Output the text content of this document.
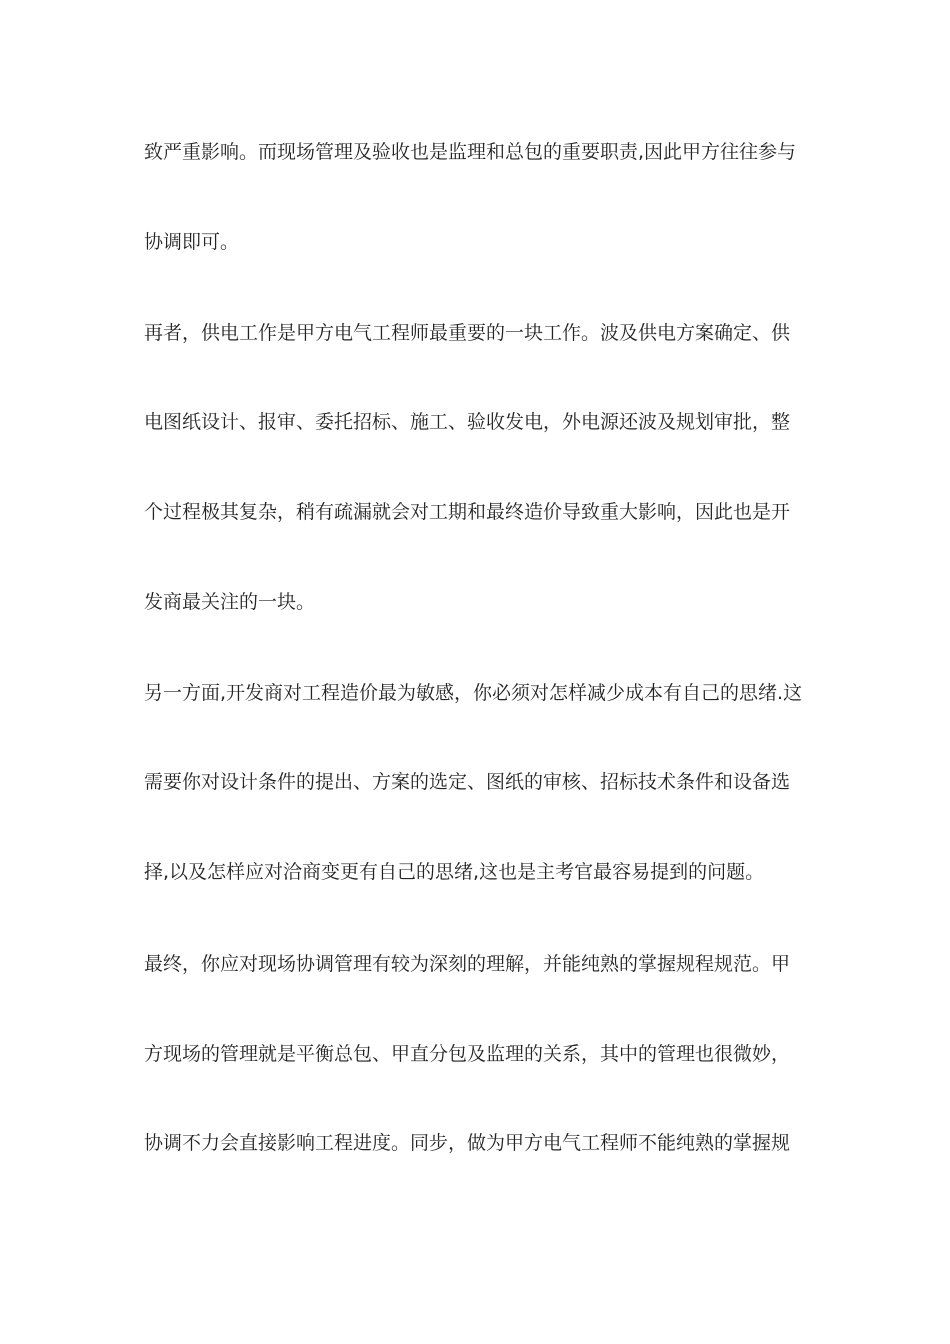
致严重影响。而现场管理及验收也是监理和总包的重要职责,因此甲方往往参与
协调即可。
再者，供电工作是甲方电气工程师最重要的一块工作。波及供电方案确定、供
电图纸设计、报审、委托招标、施工、验收发电，外电源还波及规划审批，整
个过程极其复杂，稍有疏漏就会对工期和最终造价导致重大影响，因此也是开
发商最关注的一块。
另一方面,开发商对工程造价最为敏感，你必须对怎样减少成本有自己的思绪.这
需要你对设计条件的提出、方案的选定、图纸的审核、招标技术条件和设备选
择,以及怎样应对洽商变更有自己的思绪,这也是主考官最容易提到的问题。
最终，你应对现场协调管理有较为深刻的理解，并能纯熟的掌握规程规范。甲
方现场的管理就是平衡总包、甲直分包及监理的关系，其中的管理也很微妙，
协调不力会直接影响工程进度。同步，做为甲方电气工程师不能纯熟的掌握规
